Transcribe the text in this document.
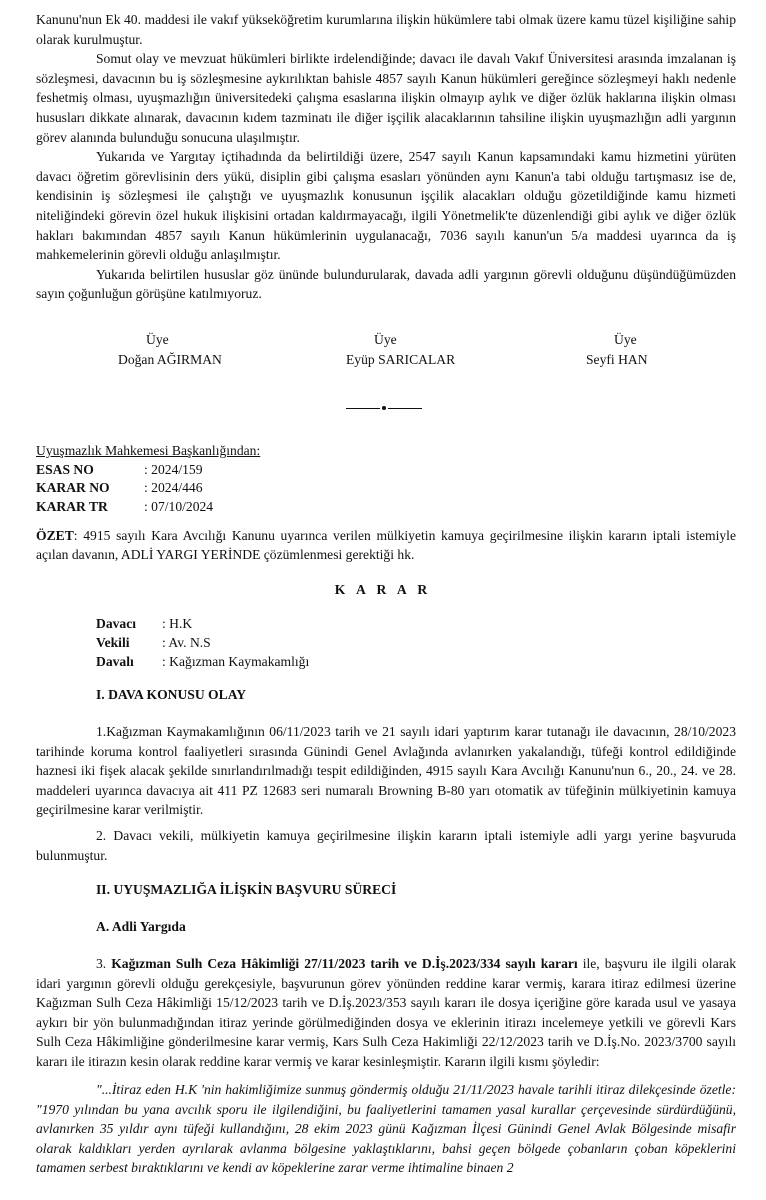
Kanunu'nun Ek 40. maddesi ile vakıf yükseköğretim kurumlarına ilişkin hükümlere tabi olmak üzere kamu tüzel kişiliğine sahip olarak kurulmuştur.

Somut olay ve mevzuat hükümleri birlikte irdelendiğinde; davacı ile davalı Vakıf Üniversitesi arasında imzalanan iş sözleşmesi, davacının bu iş sözleşmesine aykırılıktan bahisle 4857 sayılı Kanun hükümleri gereğince sözleşmeyi haklı nedenle feshetmiş olması, uyuşmazlığın üniversitedeki çalışma esaslarına ilişkin olmayıp aylık ve diğer özlük haklarına ilişkin olması hususları dikkate alınarak, davacının kıdem tazminatı ile diğer işçilik alacaklarının tahsiline ilişkin uyuşmazlığın adli yargının görev alanında bulunduğu sonucuna ulaşılmıştır.

Yukarıda ve Yargıtay içtihadında da belirtildiği üzere, 2547 sayılı Kanun kapsamındaki kamu hizmetini yürüten davacı öğretim görevlisinin ders yükü, disiplin gibi çalışma esasları yönünden aynı Kanun'a tabi olduğu tartışmasız ise de, kendisinin iş sözleşmesi ile çalıştığı ve uyuşmazlık konusunun işçilik alacakları olduğu gözetildiğinde kamu hizmeti niteliğindeki görevin özel hukuk ilişkisini ortadan kaldırmayacağı, ilgili Yönetmelik'te düzenlendiği gibi aylık ve diğer özlük hakları bakımından 4857 sayılı Kanun hükümlerinin uygulanacağı, 7036 sayılı kanun'un 5/a maddesi uyarınca da iş mahkemelerinin görevli olduğu anlaşılmıştır.

Yukarıda belirtilen hususlar göz ününde bulundurularak, davada adli yargının görevli olduğunu düşündüğümüzden sayın çoğunluğun görüşüne katılmıyoruz.

Üye
Doğan AĞIRMAN
Üye
Eyüp SARICALAR
Üye
Seyfi HAN
Uyuşmazlık Mahkemesi Başkanlığından:
ESAS NO	: 2024/159
KARAR NO	: 2024/446
KARAR TR	: 07/10/2024

ÖZET: 4915 sayılı Kara Avcılığı Kanunu uyarınca verilen mülkiyetin kamuya geçirilmesine ilişkin kararın iptali istemiyle açılan davanın, ADLİ YARGI YERİNDE çözümlenmesi gerektiği hk.

K A R A R
Davacı	: H.K
Vekili	: Av. N.S
Davalı	: Kağızman Kaymakamlığı
I. DAVA KONUSU OLAY

1.Kağızman Kaymakamlığının 06/11/2023 tarih ve 21 sayılı idari yaptırım karar tutanağı ile davacının, 28/10/2023 tarihinde koruma kontrol faaliyetleri sırasında Günindi Genel Avlağında avlanırken yakalandığı, tüfeği kontrol edildiğinde haznesi iki fişek alacak şekilde sınırlandırılmadığı tespit edildiğinden, 4915 sayılı Kara Avcılığı Kanunu'nun 6., 20., 24. ve 28. maddeleri uyarınca davacıya ait 411 PZ 12683 seri numaralı Browning B-80 yarı otomatik av tüfeğinin mülkiyetinin kamuya geçirilmesine karar verilmiştir.

2. Davacı vekili, mülkiyetin kamuya geçirilmesine ilişkin kararın iptali istemiyle adli yargı yerine başvuruda bulunmuştur.

II. UYUŞMAZLIĞA İLİŞKİN BAŞVURU SÜRECİ
A. Adli Yargıda

3. Kağızman Sulh Ceza Hâkimliği 27/11/2023 tarih ve D.İş.2023/334 sayılı kararı ile, başvuru ile ilgili olarak idari yargının görevli olduğu gerekçesiyle, başvurunun görev yönünden reddine karar vermiş, karara itiraz edilmesi üzerine Kağızman Sulh Ceza Hâkimliği 15/12/2023 tarih ve D.İş.2023/353 sayılı kararı ile dosya içeriğine göre karada usul ve yasaya aykırı bir yön bulunmadığından itiraz yerinde görülmediğinden dosya ve eklerinin itirazı incelemeye yetkili ve görevli Kars Sulh Ceza Hâkimliğine gönderilmesine karar vermiş, Kars Sulh Ceza Hakimliği 22/12/2023 tarih ve D.İş.No. 2023/3700 sayılı kararı ile itirazın kesin olarak reddine karar vermiş ve karar kesinleşmiştir. Kararın ilgili kısmı şöyledir:

"...İtiraz eden H.K 'nin hakimliğimize sunmuş göndermiş olduğu 21/11/2023 havale tarihli itiraz dilekçesinde özetle: "1970 yılından bu yana avcılık sporu ile ilgilendiğini, bu faaliyetlerini tamamen yasal kurallar çerçevesinde sürdürdüğünü, avlanırken 35 yıldır aynı tüfeği kullandığını, 28 ekim 2023 günü Kağızman İlçesi Günindi Genel Avlak Bölgesinde misafir olarak kaldıkları yerden ayrılarak avlanma bölgesine yaklaştıklarını, bahsi geçen bölgede çobanların çoban köpeklerini tamamen serbest bıraktıklarını ve kendi av köpeklerine zarar verme ihtimaline binaen 2
